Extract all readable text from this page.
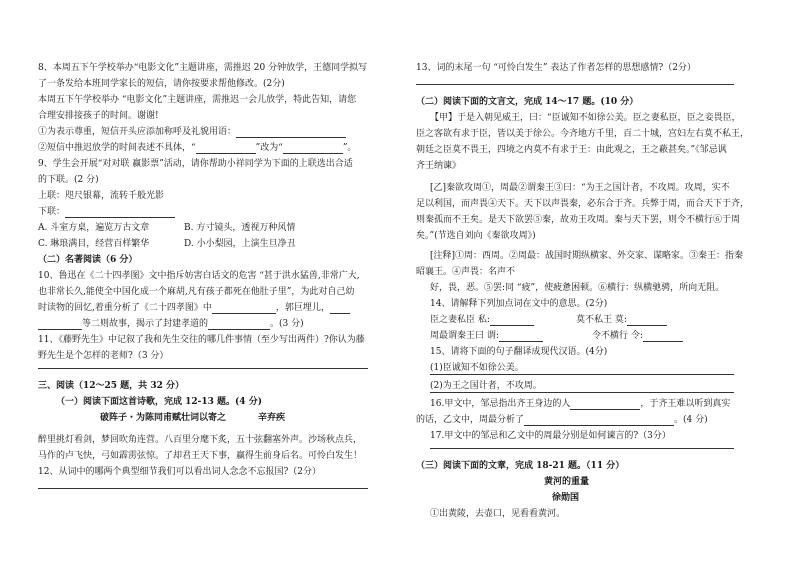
8、本周五下午学校举办“电影文化”主题讲座，需推迟 20 分钟放学，王德同学拟写
了一条发给本班同学家长的短信，请你按要求帮他修改。(2分)
本周五下午学校举办 “电影文化”主题讲座，需推迟一会儿放学，特此告知，请您
合理安排接孩子的时间。谢谢!
①为表示尊重，短信开头应添加称呼及礼貌用语：
②短信中推迟放学的时间表述不具体，“	”改为“	”。
9、学生会开展“对对联 赢影票”活动，请你帮助小祥同学为下面的上联选出合适
的下联。(2 分)
上联：咫尺银幕，流转千般光影
下联：
A. 斗室方桌，遍览万古文章	B. 方寸镜头，透视万种风情
C. 琳琅满目，经营百样繁华	D. 小小梨园，上演生旦净丑
（二）名著阅读（6 分）
10、鲁迅在《二十四孝图》文中指斥妨害白话文的危害 “甚于洪水猛兽,非常广大,
也非常长久,能使全中国化成一个麻胡,凡有孩子都死在他肚子里”，为此对自己幼
时读物的回忆,着重分析了《二十四孝图》中	，郭巨埋儿，
等二则故事，揭示了封建孝道的	。(3 分)
11、《藤野先生》中记叙了我和先生交往的哪几件事情（至少写出两件）?你认为藤
野先生是个怎样的老师?（3 分）
三、阅读（12～25 题，共 32 分）
（一）阅读下面这首诗歌，完成 12-13 题。(4 分)
破阵子・为陈同甫赋壮词以寄之	辛弃疾
醉里挑灯看剑，梦回吹角连营。八百里分麾下炙，五十弦翻塞外声。沙场秋点兵，
马作的卢飞快，弓如霹雳弦惊。了却君王天下事，赢得生前身后名。可怜白发生！
12、从词中的哪两个典型细节我们可以看出词人念念不忘报国?（2分）
13、词的末尾一句 “可怜白发生” 表达了作者怎样的思想感情?（2分）
（二）阅读下面的文言文，完成 14～17 题。(10 分）
【甲】于是入朝见威王，曰：“臣诚知不如徐公美。臣之妻私臣，臣之妾畏臣，
臣之客欲有求于臣，皆以美于徐公。今齐地方千里，百二十城，宫妇左右莫不私王，
朝廷之臣莫不畏王，四境之内莫不有求于王：由此观之，王之蔽甚矣。”《邹忌讽
齐王纳谏》
[乙]秦欲攻周①，周最②谓秦王③曰：“为王之国计者，不攻周。攻周，实不
足以利国，而声畏④天下。天下以声畏秦，必东合于齐。兵弊于周，而合天下于齐，
则秦孤而不王矣。是天下欲罢⑤秦，故劝王攻周。秦与天下罢，则令不横行⑥于周
矣。”(节选自刘向《秦欲攻周》)
[注释]①周：西周。②周最：战国时期纵横家、外交家、谋略家。③秦王：指秦
昭襄王。④声畏：名声不
好，畏，恶。⑤罢:同 “疲”，使疲惫困顿。⑥横行：纵横驰骋，所向无阻。
14、请解释下列加点词在文中的意思。(2分)
臣之妻私臣 私:	莫不私王 莫:
周最谓秦王曰 谓:	令不横行 令:
15、请将下面的句子翻译成现代汉语。(4分)
(1)臣诚知不如徐公美。
(2)为王之国计者，不攻周。
16.甲文中，邹忌指出齐王身边的人	，于齐王难以听到真实
的话，乙文中，周最分析了	。(4 分)
17.甲文中的邹忌和乙文中的周最分别是如何谏言的?（3分）
（三）阅读下面的文章，完成 18-21 题。（11 分）
黄河的重量
徐勋国
①出黄陵，去壶口，见看看黄河。
